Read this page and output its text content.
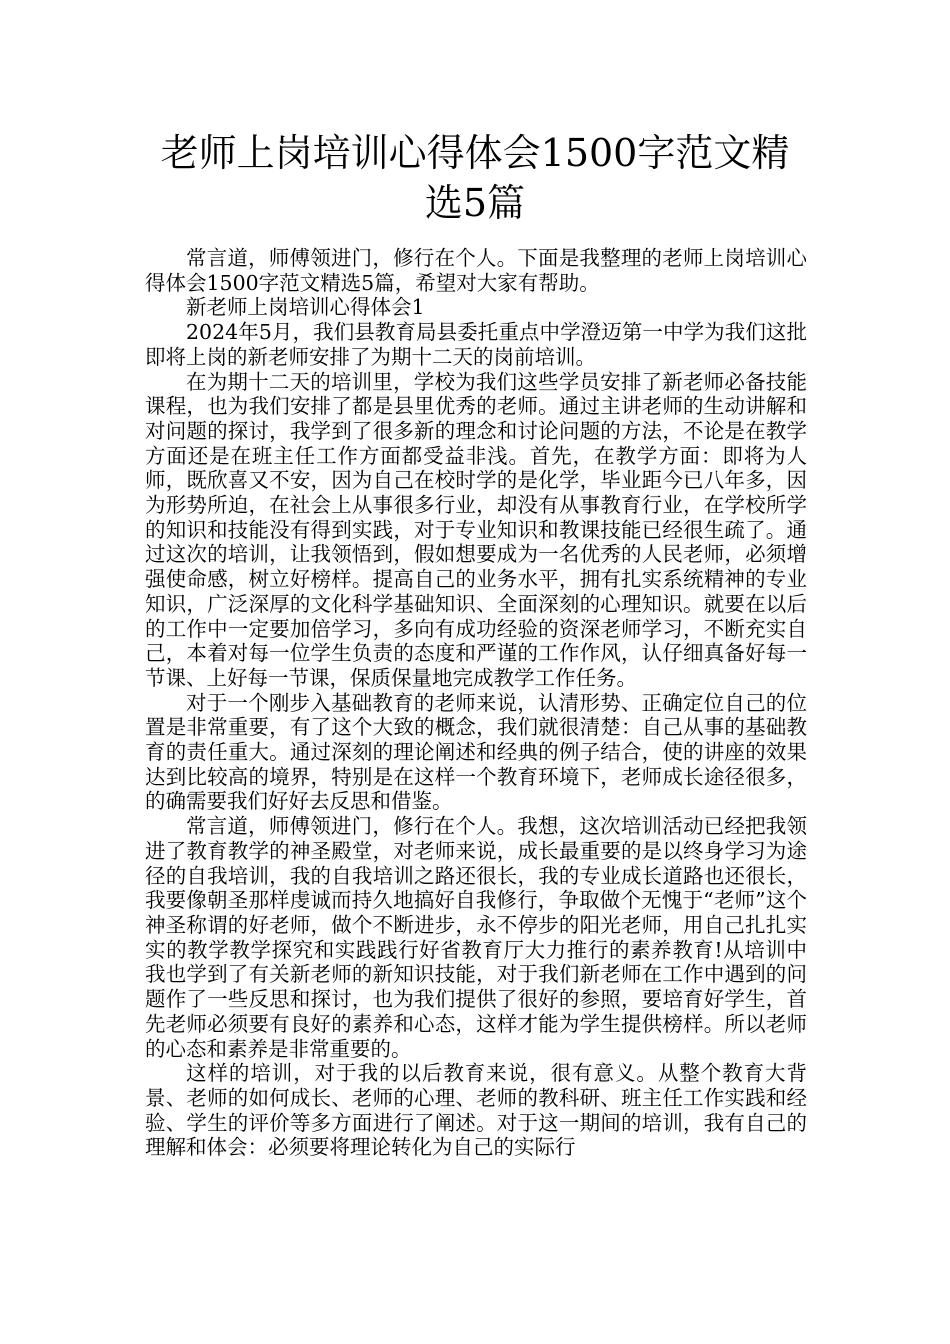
老师上岗培训心得体会1500字范文精选5篇

常言道，师傅领进门，修行在个人。下面是我整理的老师上岗培训心得体会1500字范文精选5篇，希望对大家有帮助。

新老师上岗培训心得体会1

2024年5月，我们县教育局县委托重点中学澄迈第一中学为我们这批即将上岗的新老师安排了为期十二天的岗前培训。

在为期十二天的培训里，学校为我们这些学员安排了新老师必备技能课程，也为我们安排了都是县里优秀的老师。通过主讲老师的生动讲解和对问题的探讨，我学到了很多新的理念和讨论问题的方法，不论是在教学方面还是在班主任工作方面都受益非浅。首先，在教学方面：即将为人师，既欣喜又不安，因为自己在校时学的是化学，毕业距今已八年多，因为形势所迫，在社会上从事很多行业，却没有从事教育行业，在学校所学的知识和技能没有得到实践，对于专业知识和教课技能已经很生疏了。通过这次的培训，让我领悟到，假如想要成为一名优秀的人民老师，必须增强使命感，树立好榜样。提高自己的业务水平，拥有扎实系统精神的专业知识，广泛深厚的文化科学基础知识、全面深刻的心理知识。就要在以后的工作中一定要加倍学习，多向有成功经验的资深老师学习，不断充实自己，本着对每一位学生负责的态度和严谨的工作作风，认仔细真备好每一节课、上好每一节课，保质保量地完成教学工作任务。

对于一个刚步入基础教育的老师来说，认清形势、正确定位自己的位置是非常重要，有了这个大致的概念，我们就很清楚：自己从事的基础教育的责任重大。通过深刻的理论阐述和经典的例子结合，使的讲座的效果达到比较高的境界，特别是在这样一个教育环境下，老师成长途径很多，的确需要我们好好去反思和借鉴。

常言道，师傅领进门，修行在个人。我想，这次培训活动已经把我领进了教育教学的神圣殿堂，对老师来说，成长最重要的是以终身学习为途径的自我培训，我的自我培训之路还很长，我的专业成长道路也还很长，我要像朝圣那样虔诚而持久地搞好自我修行，争取做个无愧于“老师”这个神圣称谓的好老师，做个不断进步，永不停步的阳光老师，用自己扎扎实实的教学教学探究和实践践行好省教育厅大力推行的素养教育!从培训中我也学到了有关新老师的新知识技能，对于我们新老师在工作中遇到的问题作了一些反思和探讨，也为我们提供了很好的参照，要培育好学生，首先老师必须要有良好的素养和心态，这样才能为学生提供榜样。所以老师的心态和素养是非常重要的。

这样的培训，对于我的以后教育来说，很有意义。从整个教育大背景、老师的如何成长、老师的心理、老师的教科研、班主任工作实践和经验、学生的评价等多方面进行了阐述。对于这一期间的培训，我有自己的理解和体会：必须要将理论转化为自己的实际行
